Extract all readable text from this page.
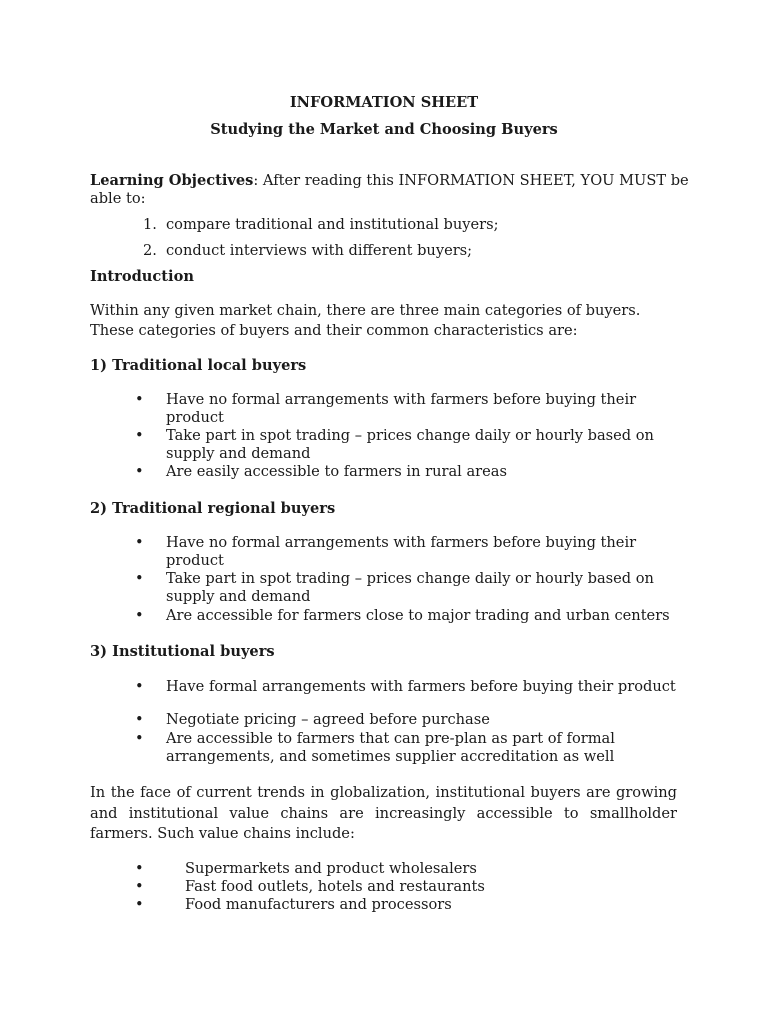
INFORMATION SHEET
Studying the Market and Choosing Buyers
Learning Objectives: After reading this INFORMATION SHEET, YOU MUST be
able to:
1. compare traditional and institutional buyers;
2. conduct interviews with different buyers;
Introduction
Within any given market chain, there are three main categories of buyers.
These categories of buyers and their common characteristics are:
1) Traditional local buyers
• Have no formal arrangements with farmers before buying their
product
• Take part in spot trading – prices change daily or hourly based on
supply and demand
• Are easily accessible to farmers in rural areas
2) Traditional regional buyers
• Have no formal arrangements with farmers before buying their
product
• Take part in spot trading – prices change daily or hourly based on
supply and demand
• Are accessible for farmers close to major trading and urban centers
3) Institutional buyers
• Have formal arrangements with farmers before buying their product
• Negotiate pricing – agreed before purchase
• Are accessible to farmers that can pre-plan as part of formal
arrangements, and sometimes supplier accreditation as well
In the face of current trends in globalization, institutional buyers are growing
and institutional value chains are increasingly accessible to smallholder
farmers. Such value chains include:
•	Supermarkets and product wholesalers
•	Fast food outlets, hotels and restaurants
•	Food manufacturers and processors
